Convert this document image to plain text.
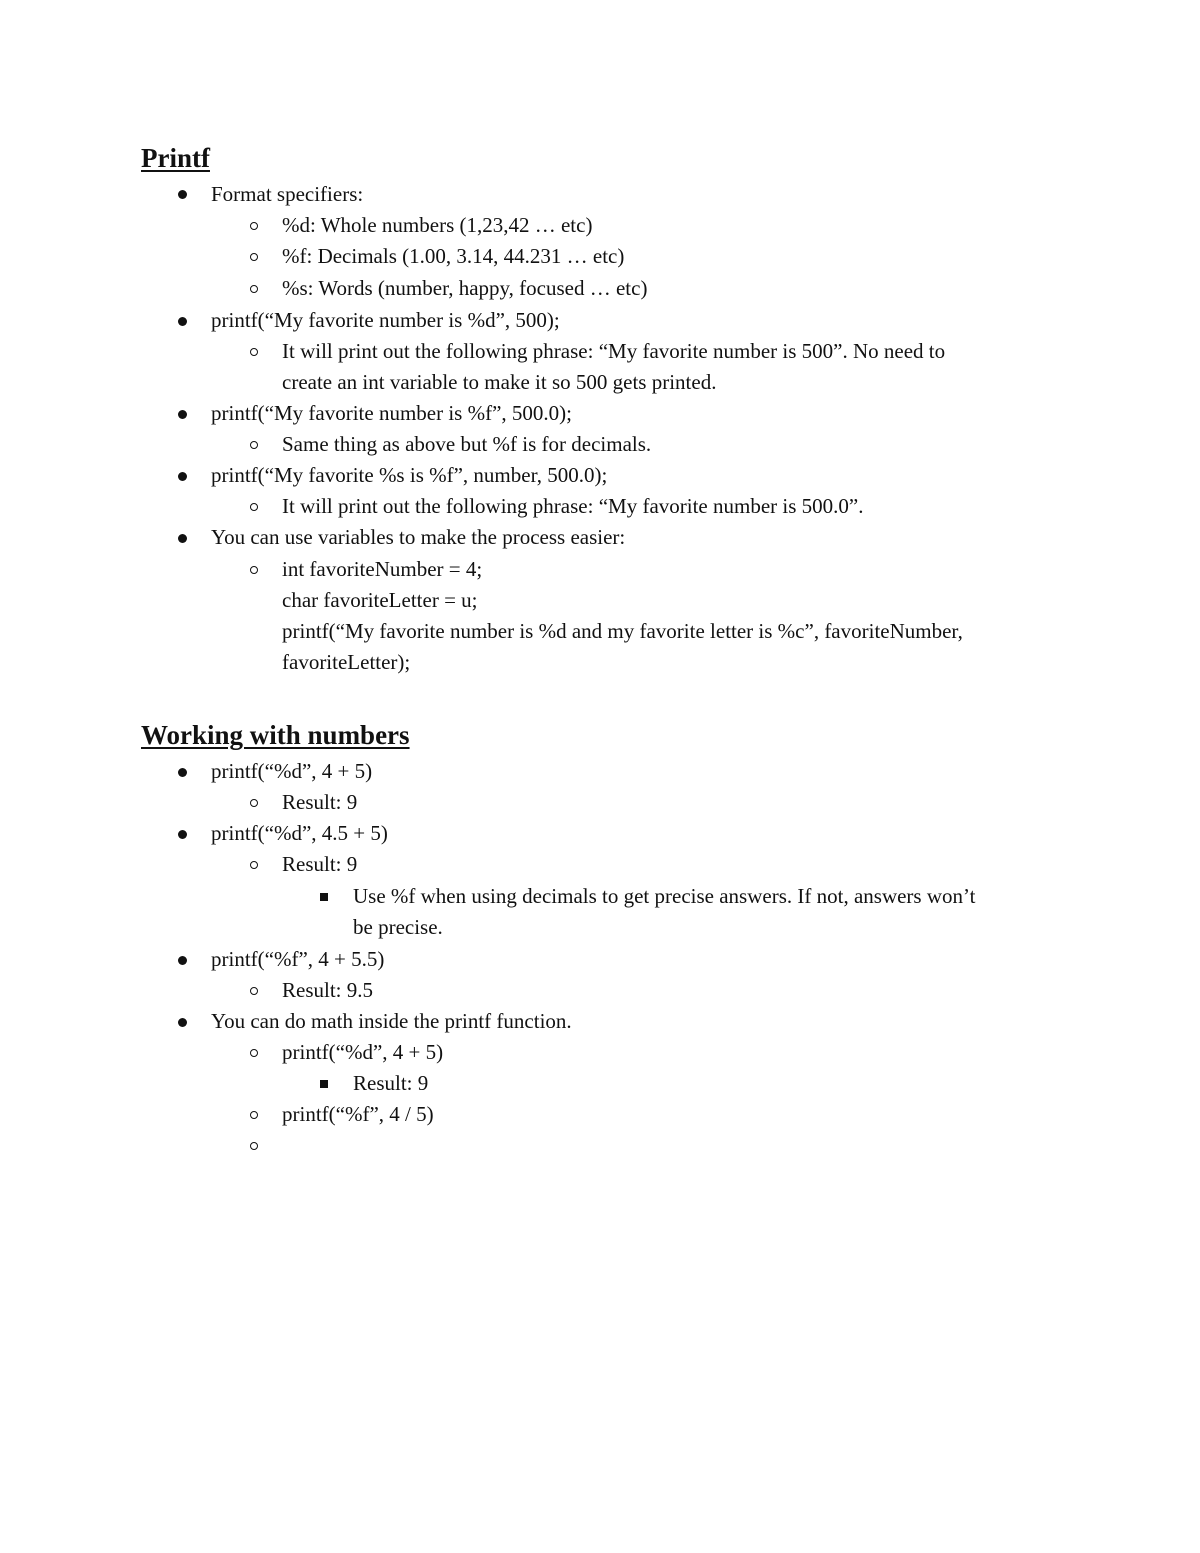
Printf

Format specifiers:

%d: Whole numbers (1,23,42 … etc)

%f: Decimals (1.00, 3.14, 44.231 … etc)

%s: Words (number, happy, focused … etc)

printf(“My favorite number is %d”, 500);

It will print out the following phrase: “My favorite number is 500”. No need to

create an int variable to make it so 500 gets printed.

printf(“My favorite number is %f”, 500.0);

Same thing as above but %f is for decimals.

printf(“My favorite %s is %f”, number, 500.0);

It will print out the following phrase: “My favorite number is 500.0”.

You can use variables to make the process easier:

int favoriteNumber = 4;

char favoriteLetter = u;

printf(“My favorite number is %d and my favorite letter is %c”, favoriteNumber,

favoriteLetter);

Working with numbers

printf(“%d”, 4 + 5)

Result: 9

printf(“%d”, 4.5 + 5)

Result: 9

Use %f when using decimals to get precise answers. If not, answers won’t

be precise.

printf(“%f”, 4 + 5.5)

Result: 9.5

You can do math inside the printf function.

printf(“%d”, 4 + 5)

Result: 9

printf(“%f”, 4 / 5)
